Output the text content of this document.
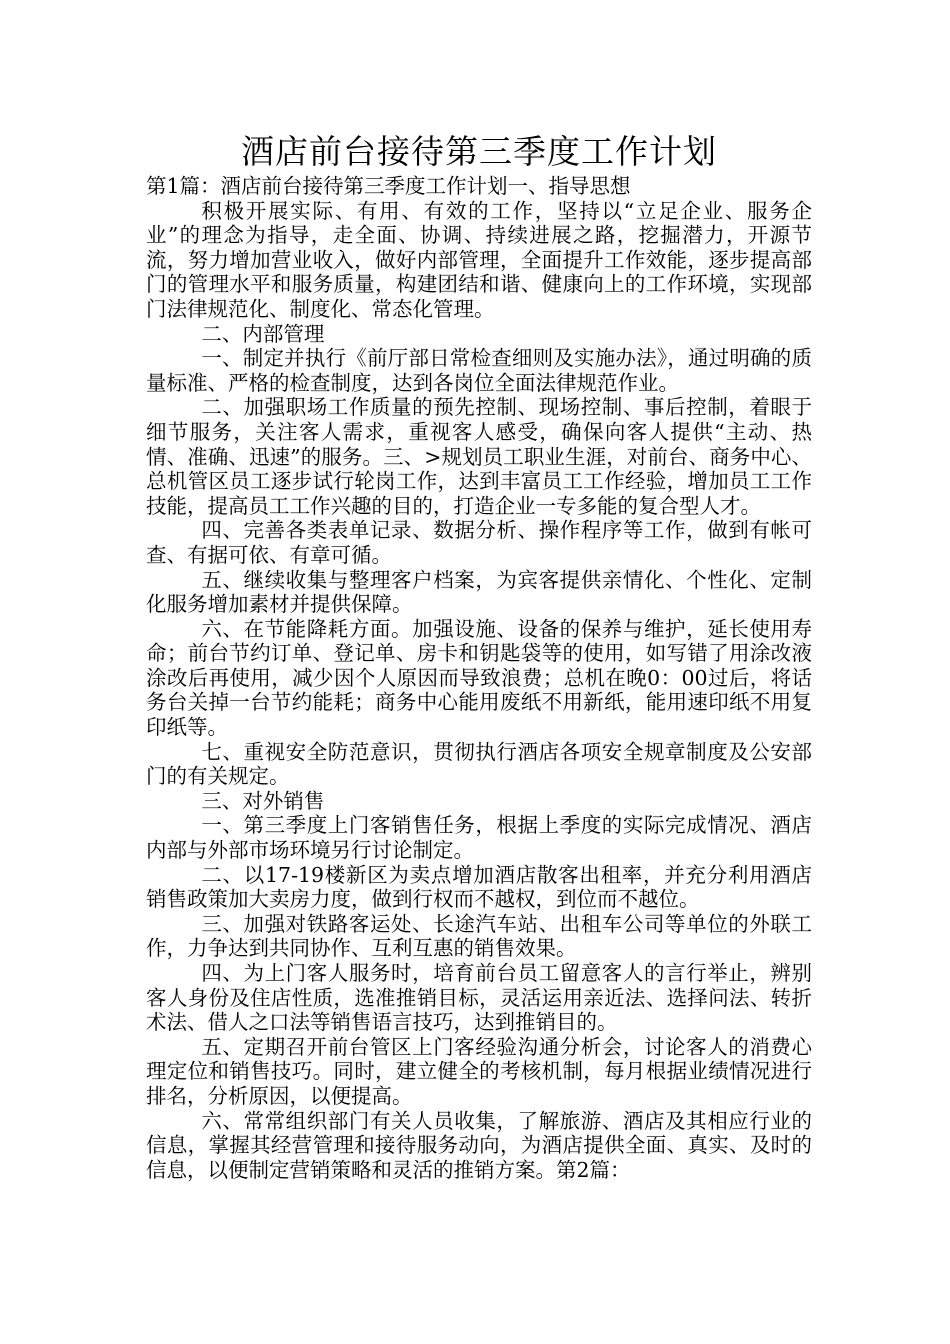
酒店前台接待第三季度工作计划

第1篇：酒店前台接待第三季度工作计划一、指导思想

积极开展实际、有用、有效的工作，坚持以“立足企业、服务企业”的理念为指导，走全面、协调、持续进展之路，挖掘潜力，开源节流，努力增加营业收入，做好内部管理，全面提升工作效能，逐步提高部门的管理水平和服务质量，构建团结和谐、健康向上的工作环境，实现部门法律规范化、制度化、常态化管理。

二、内部管理

一、制定并执行《前厅部日常检查细则及实施办法》，通过明确的质量标准、严格的检查制度，达到各岗位全面法律规范作业。

二、加强职场工作质量的预先控制、现场控制、事后控制，着眼于细节服务，关注客人需求，重视客人感受，确保向客人提供“主动、热情、准确、迅速”的服务。三、>规划员工职业生涯，对前台、商务中心、总机管区员工逐步试行轮岗工作，达到丰富员工工作经验，增加员工工作技能，提高员工工作兴趣的目的，打造企业一专多能的复合型人才。

四、完善各类表单记录、数据分析、操作程序等工作，做到有帐可查、有据可依、有章可循。

五、继续收集与整理客户档案，为宾客提供亲情化、个性化、定制化服务增加素材并提供保障。

六、在节能降耗方面。加强设施、设备的保养与维护，延长使用寿命；前台节约订单、登记单、房卡和钥匙袋等的使用，如写错了用涂改液涂改后再使用，减少因个人原因而导致浪费；总机在晚0：00过后，将话务台关掉一台节约能耗；商务中心能用废纸不用新纸，能用速印纸不用复印纸等。

七、重视安全防范意识，贯彻执行酒店各项安全规章制度及公安部门的有关规定。

三、对外销售

一、第三季度上门客销售任务，根据上季度的实际完成情况、酒店内部与外部市场环境另行讨论制定。

二、以17-19楼新区为卖点增加酒店散客出租率，并充分利用酒店销售政策加大卖房力度，做到行权而不越权，到位而不越位。

三、加强对铁路客运处、长途汽车站、出租车公司等单位的外联工作，力争达到共同协作、互利互惠的销售效果。

四、为上门客人服务时，培育前台员工留意客人的言行举止，辨别客人身份及住店性质，选准推销目标，灵活运用亲近法、选择问法、转折术法、借人之口法等销售语言技巧，达到推销目的。

五、定期召开前台管区上门客经验沟通分析会，讨论客人的消费心理定位和销售技巧。同时，建立健全的考核机制，每月根据业绩情况进行排名，分析原因，以便提高。

六、常常组织部门有关人员收集，了解旅游、酒店及其相应行业的信息，掌握其经营管理和接待服务动向，为酒店提供全面、真实、及时的信息，以便制定营销策略和灵活的推销方案。第2篇：
